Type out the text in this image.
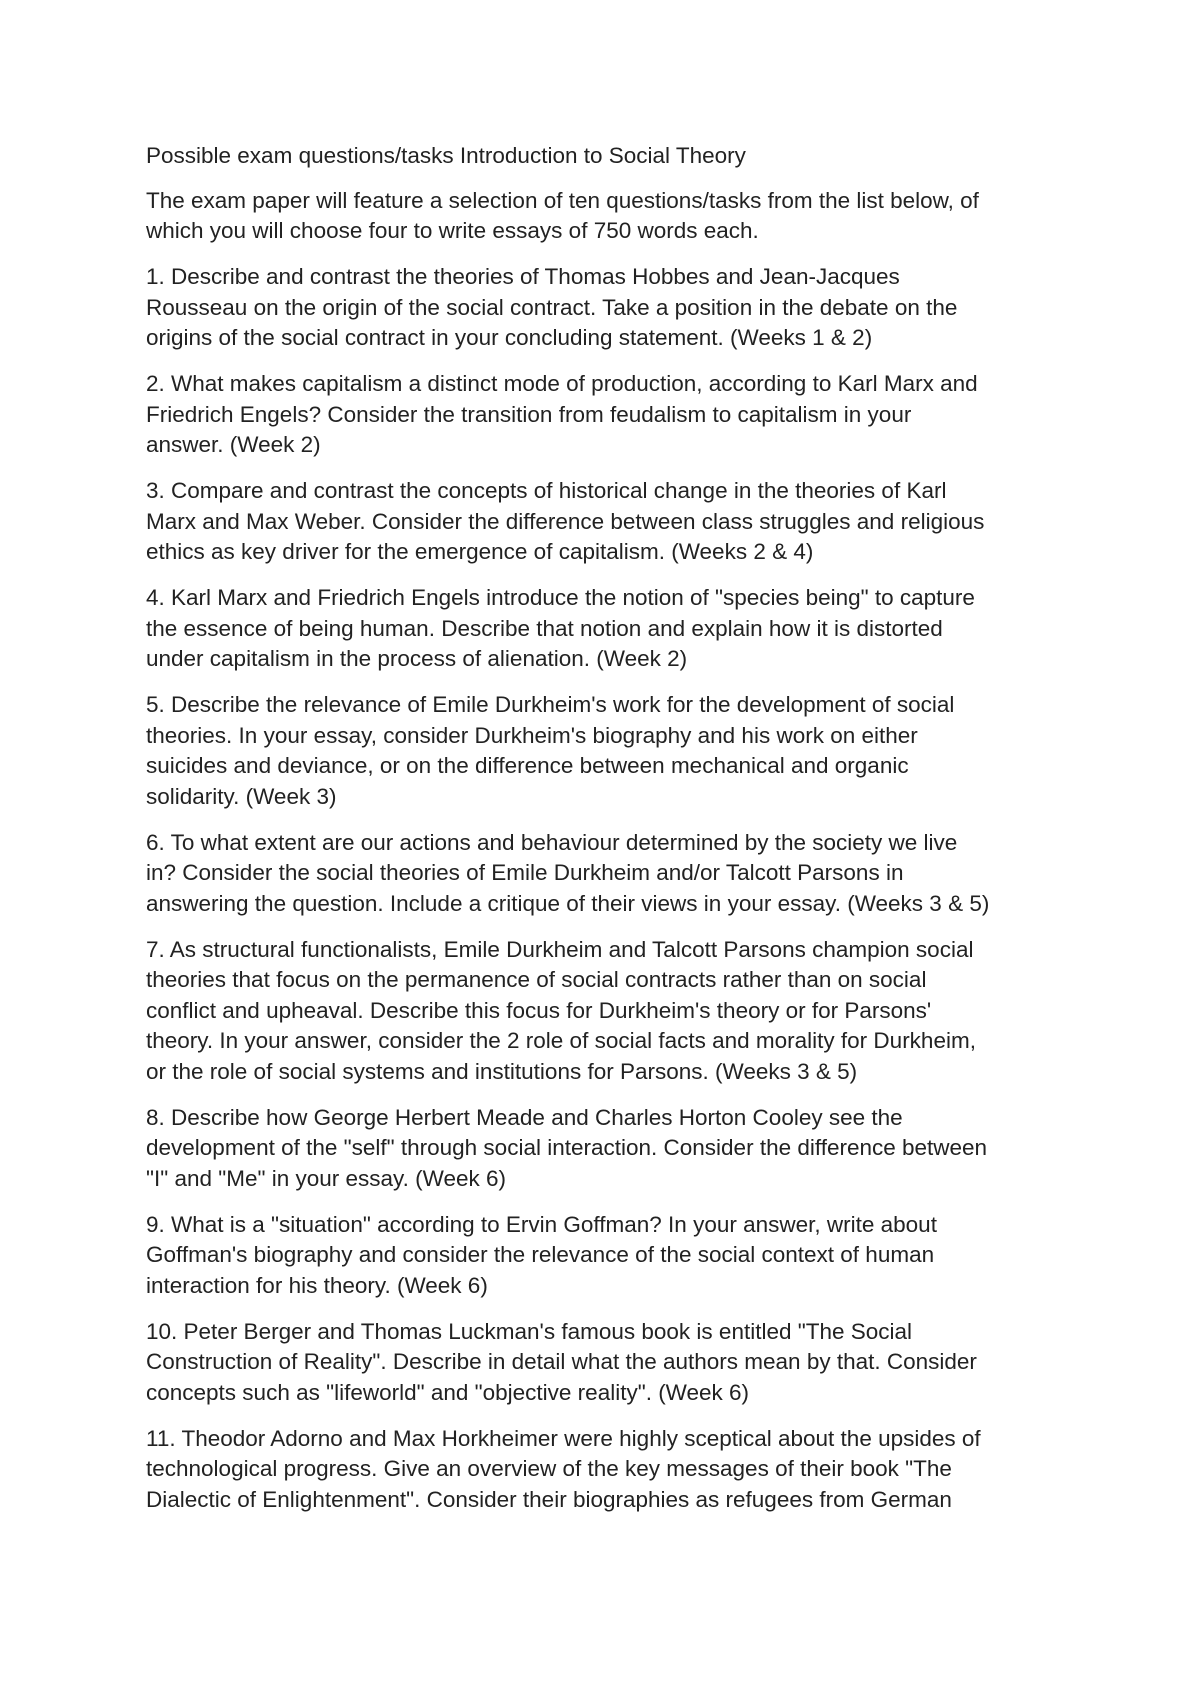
Possible exam questions/tasks Introduction to Social Theory

The exam paper will feature a selection of ten questions/tasks from the list below, of
which you will choose four to write essays of 750 words each.

1. Describe and contrast the theories of Thomas Hobbes and Jean-Jacques
Rousseau on the origin of the social contract. Take a position in the debate on the
origins of the social contract in your concluding statement. (Weeks 1 & 2)

2. What makes capitalism a distinct mode of production, according to Karl Marx and
Friedrich Engels? Consider the transition from feudalism to capitalism in your
answer. (Week 2)

3. Compare and contrast the concepts of historical change in the theories of Karl
Marx and Max Weber. Consider the difference between class struggles and religious
ethics as key driver for the emergence of capitalism. (Weeks 2 & 4)

4. Karl Marx and Friedrich Engels introduce the notion of "species being" to capture
the essence of being human. Describe that notion and explain how it is distorted
under capitalism in the process of alienation. (Week 2)

5. Describe the relevance of Emile Durkheim's work for the development of social
theories. In your essay, consider Durkheim's biography and his work on either
suicides and deviance, or on the difference between mechanical and organic
solidarity. (Week 3)

6. To what extent are our actions and behaviour determined by the society we live
in? Consider the social theories of Emile Durkheim and/or Talcott Parsons in
answering the question. Include a critique of their views in your essay. (Weeks 3 & 5)

7. As structural functionalists, Emile Durkheim and Talcott Parsons champion social
theories that focus on the permanence of social contracts rather than on social
conflict and upheaval. Describe this focus for Durkheim's theory or for Parsons'
theory. In your answer, consider the 2 role of social facts and morality for Durkheim,
or the role of social systems and institutions for Parsons. (Weeks 3 & 5)

8. Describe how George Herbert Meade and Charles Horton Cooley see the
development of the "self" through social interaction. Consider the difference between
"I" and "Me" in your essay. (Week 6)

9. What is a "situation" according to Ervin Goffman? In your answer, write about
Goffman's biography and consider the relevance of the social context of human
interaction for his theory. (Week 6)

10. Peter Berger and Thomas Luckman's famous book is entitled "The Social
Construction of Reality". Describe in detail what the authors mean by that. Consider
concepts such as "lifeworld" and "objective reality". (Week 6)

11. Theodor Adorno and Max Horkheimer were highly sceptical about the upsides of
technological progress. Give an overview of the key messages of their book "The
Dialectic of Enlightenment". Consider their biographies as refugees from German
